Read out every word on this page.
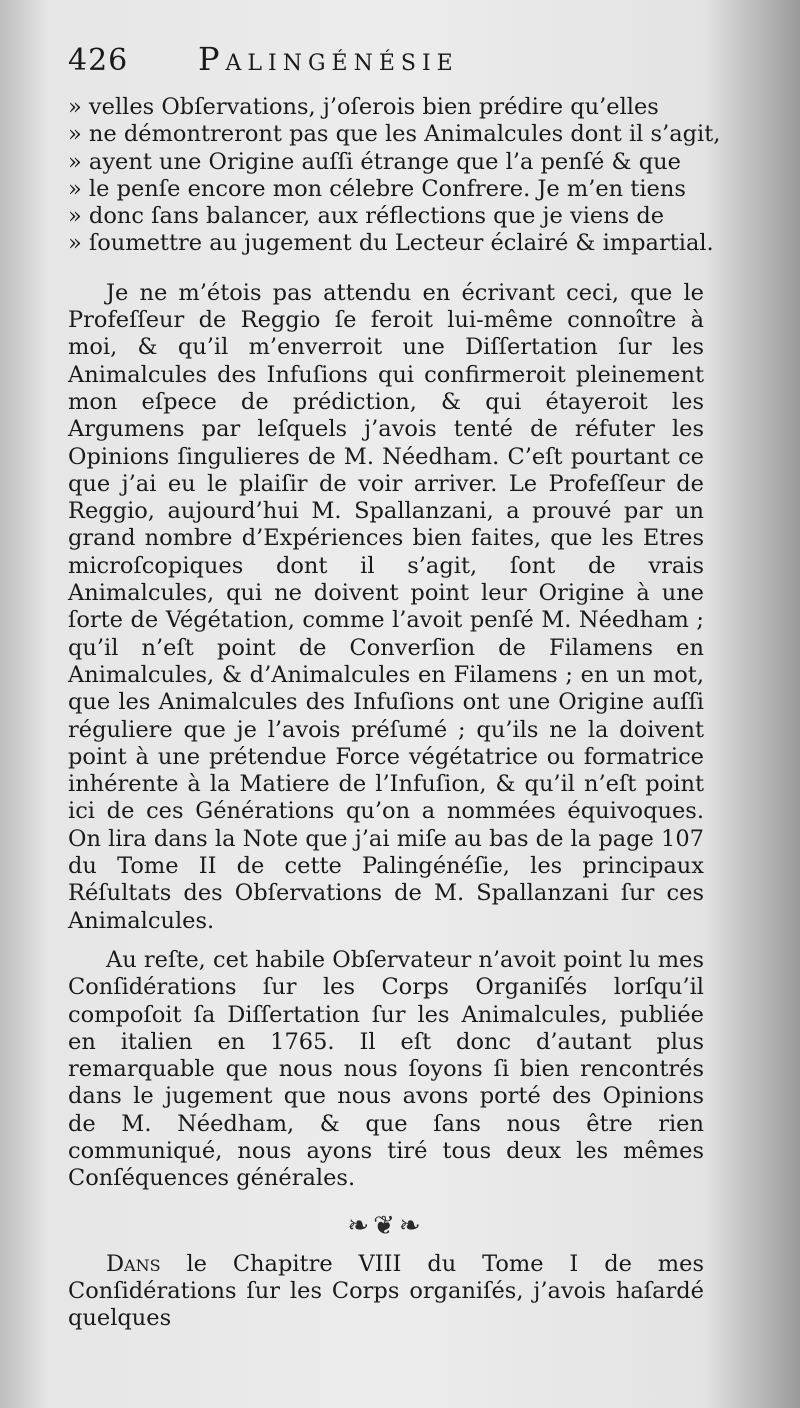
426	Palingénésie
» velles Obſervations, j’oſerois bien prédire qu’elles
» ne démontreront pas que les Animalcules dont il s’agit,
» ayent une Origine auſſi étrange que l’a penſé & que
» le penſe encore mon célebre Confrere. Je m’en tiens
» donc ſans balancer, aux réflections que je viens de
» ſoumettre au jugement du Lecteur éclairé & impartial.

Je ne m’étois pas attendu en écrivant ceci, que le Profeſſeur de Reggio ſe feroit lui-même connoître à moi, & qu’il m’enverroit une Diſſertation ſur les Animalcules des Infuſions qui confirmeroit pleinement mon eſpece de prédiction, & qui étayeroit les Argumens par leſquels j’avois tenté de réfuter les Opinions ſingulieres de M. Néedham. C’eſt pourtant ce que j’ai eu le plaiſir de voir arriver. Le Profeſſeur de Reggio, aujourd’hui M. Spallanzani, a prouvé par un grand nombre d’Expériences bien faites, que les Etres microſcopiques dont il s’agit, ſont de vrais Animalcules, qui ne doivent point leur Origine à une ſorte de Végétation, comme l’avoit penſé M. Néedham ; qu’il n’eſt point de Converſion de Filamens en Animalcules, & d’Animalcules en Filamens ; en un mot, que les Animalcules des Infuſions ont une Origine auſſi réguliere que je l’avois préſumé ; qu’ils ne la doivent point à une prétendue Force végétatrice ou formatrice inhérente à la Matiere de l’Infuſion, & qu’il n’eſt point ici de ces Générations qu’on a nommées équivoques. On lira dans la Note que j’ai miſe au bas de la page 107 du Tome II de cette Palingénéſie, les principaux Réſultats des Obſervations de M. Spallanzani ſur ces Animalcules.

Au reſte, cet habile Obſervateur n’avoit point lu mes Conſidérations ſur les Corps Organiſés lorſqu’il compoſoit ſa Diſſertation ſur les Animalcules, publiée en italien en 1765. Il eſt donc d’autant plus remarquable que nous nous ſoyons ſi bien rencontrés dans le jugement que nous avons porté des Opinions de M. Néedham, & que ſans nous être rien communiqué, nous ayons tiré tous deux les mêmes Conſéquences générales.

❧❦❧

Dans le Chapitre VIII du Tome I de mes Conſidérations ſur les Corps organiſés, j’avois haſardé quelques
